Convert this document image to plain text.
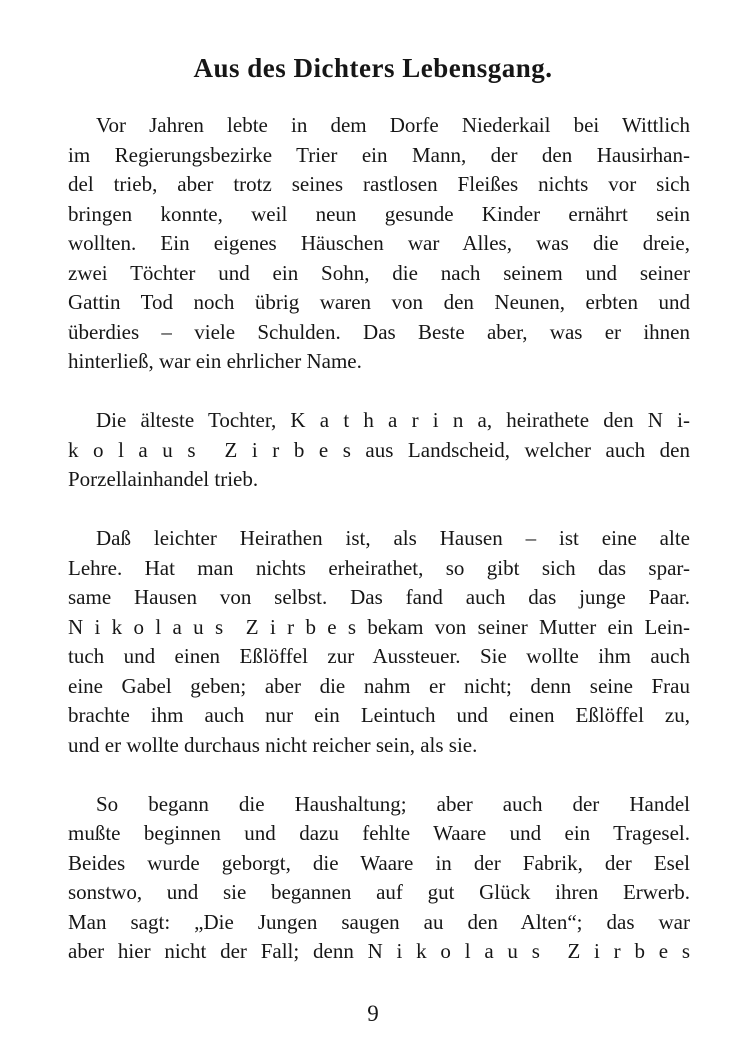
Aus des Dichters Lebensgang.

Vor Jahren lebte in dem Dorfe Niederkail bei Wittlich
im Regierungsbezirke Trier ein Mann, der den Hausirhan-
del trieb, aber trotz seines rastlosen Fleißes nichts vor sich
bringen konnte, weil neun gesunde Kinder ernährt sein
wollten. Ein eigenes Häuschen war Alles, was die dreie,
zwei Töchter und ein Sohn, die nach seinem und seiner
Gattin Tod noch übrig waren von den Neunen, erbten und
überdies – viele Schulden. Das Beste aber, was er ihnen
hinterließ, war ein ehrlicher Name.

Die älteste Tochter, K a t h a r i n a, heirathete den N i-
k o l a u s  Z i r b e s aus Landscheid, welcher auch den
Porzellainhandel trieb.

Daß leichter Heirathen ist, als Hausen – ist eine alte
Lehre. Hat man nichts erheirathet, so gibt sich das spar-
same Hausen von selbst. Das fand auch das junge Paar.
N i k o l a u s  Z i r b e s bekam von seiner Mutter ein Lein-
tuch und einen Eßlöffel zur Aussteuer. Sie wollte ihm auch
eine Gabel geben; aber die nahm er nicht; denn seine Frau
brachte ihm auch nur ein Leintuch und einen Eßlöffel zu,
und er wollte durchaus nicht reicher sein, als sie.

So begann die Haushaltung; aber auch der Handel
mußte beginnen und dazu fehlte Waare und ein Tragesel.
Beides wurde geborgt, die Waare in der Fabrik, der Esel
sonstwo, und sie begannen auf gut Glück ihren Erwerb.
Man sagt: „Die Jungen saugen au den Alten“; das war
aber hier nicht der Fall; denn N i k o l a u s  Z i r b e s

9
